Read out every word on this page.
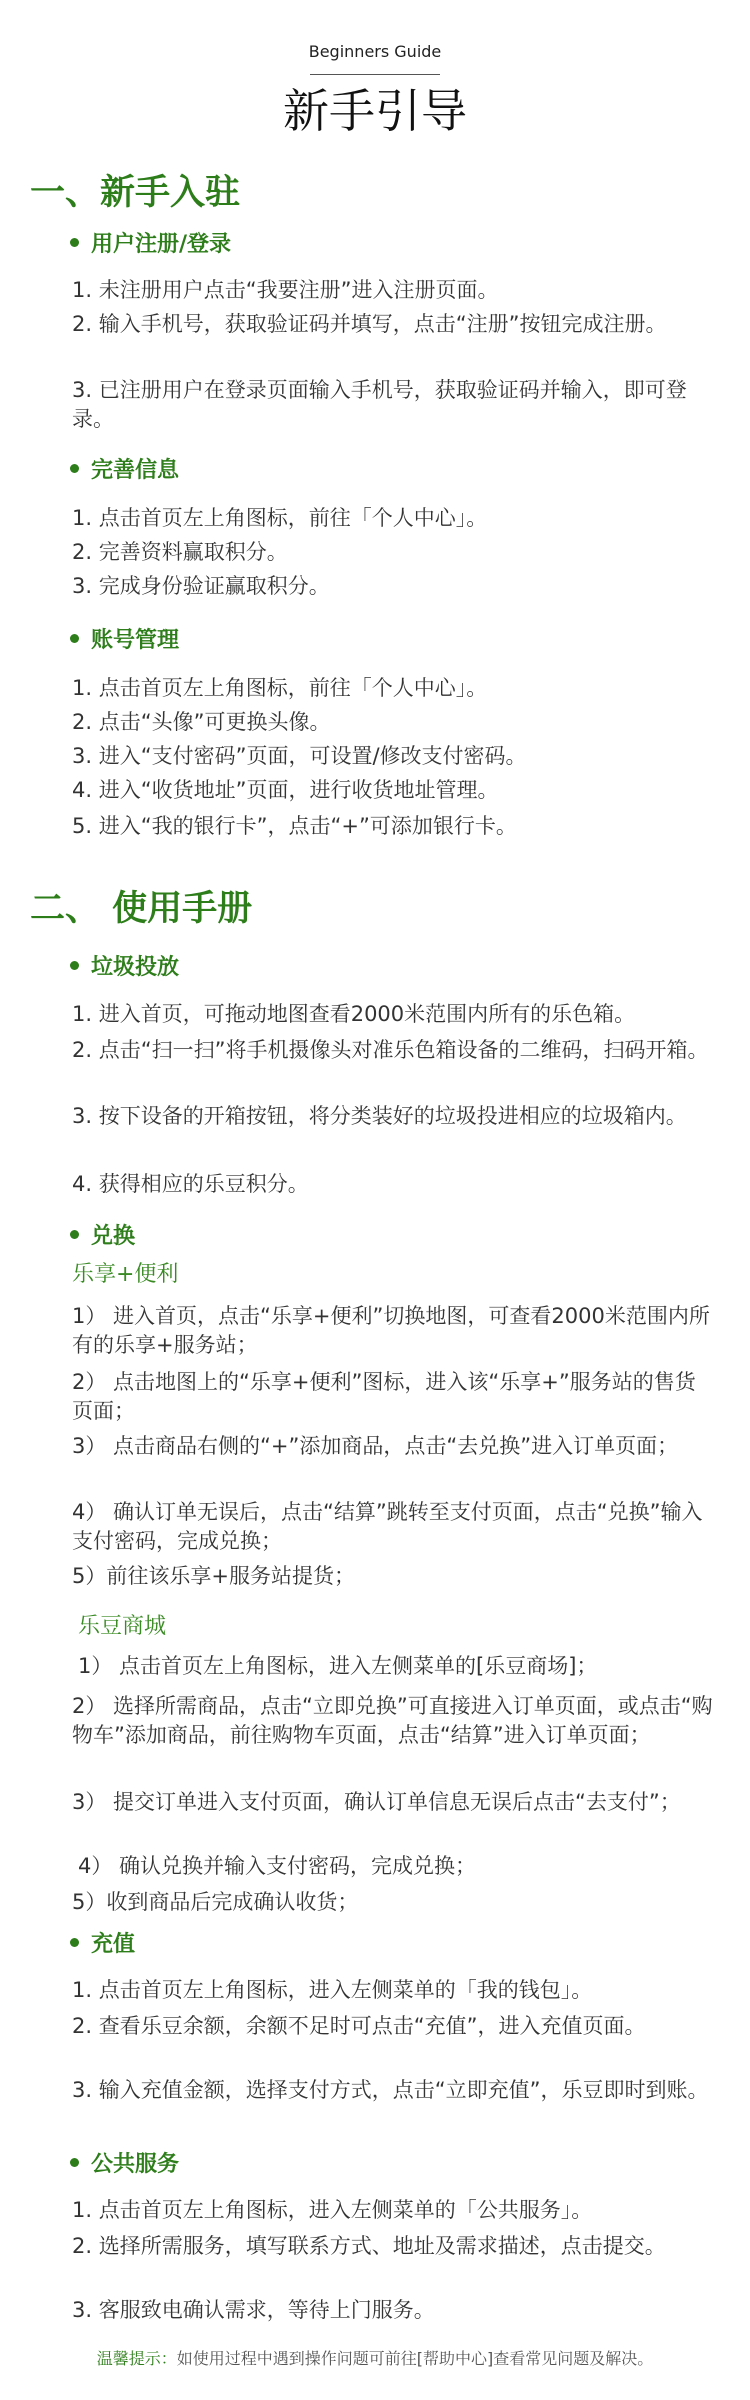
Beginners Guide
新手引导
一、新手入驻
用户注册/登录

1. 未注册用户点击“我要注册”进入注册页面。

2. 输入手机号，获取验证码并填写，点击“注册”按钮完成注册。

3. 已注册用户在登录页面输入手机号，获取验证码并输入，即可登录。

完善信息

1. 点击首页左上角图标，前往「个人中心」。

2. 完善资料赢取积分。

3. 完成身份验证赢取积分。

账号管理

1. 点击首页左上角图标，前往「个人中心」。

2. 点击“头像”可更换头像。

3. 进入“支付密码”页面，可设置/修改支付密码。

4. 进入“收货地址”页面，进行收货地址管理。

5. 进入“我的银行卡”，点击“+”可添加银行卡。

二、 使用手册
垃圾投放

1. 进入首页，可拖动地图查看2000米范围内所有的乐色箱。

2. 点击“扫一扫”将手机摄像头对准乐色箱设备的二维码，扫码开箱。

3. 按下设备的开箱按钮，将分类装好的垃圾投进相应的垃圾箱内。

4. 获得相应的乐豆积分。

兑换
乐享+便利

1） 进入首页，点击“乐享+便利”切换地图，可查看2000米范围内所有的乐享+服务站；

2） 点击地图上的“乐享+便利”图标，进入该“乐享+”服务站的售货页面；

3） 点击商品右侧的“+”添加商品，点击“去兑换”进入订单页面；

4） 确认订单无误后，点击“结算”跳转至支付页面，点击“兑换”输入支付密码，完成兑换；

5）前往该乐享+服务站提货；

乐豆商城

1） 点击首页左上角图标，进入左侧菜单的[乐豆商场]；

2） 选择所需商品，点击“立即兑换”可直接进入订单页面，或点击“购物车”添加商品，前往购物车页面，点击“结算”进入订单页面；

3） 提交订单进入支付页面，确认订单信息无误后点击“去支付”；

4） 确认兑换并输入支付密码，完成兑换；

5）收到商品后完成确认收货；

充值

1. 点击首页左上角图标，进入左侧菜单的「我的钱包」。

2. 查看乐豆余额，余额不足时可点击“充值”，进入充值页面。

3. 输入充值金额，选择支付方式，点击“立即充值”，乐豆即时到账。

公共服务

1. 点击首页左上角图标，进入左侧菜单的「公共服务」。

2. 选择所需服务，填写联系方式、地址及需求描述，点击提交。

3. 客服致电确认需求，等待上门服务。

温馨提示：如使用过程中遇到操作问题可前往[帮助中心]查看常见问题及解决。
